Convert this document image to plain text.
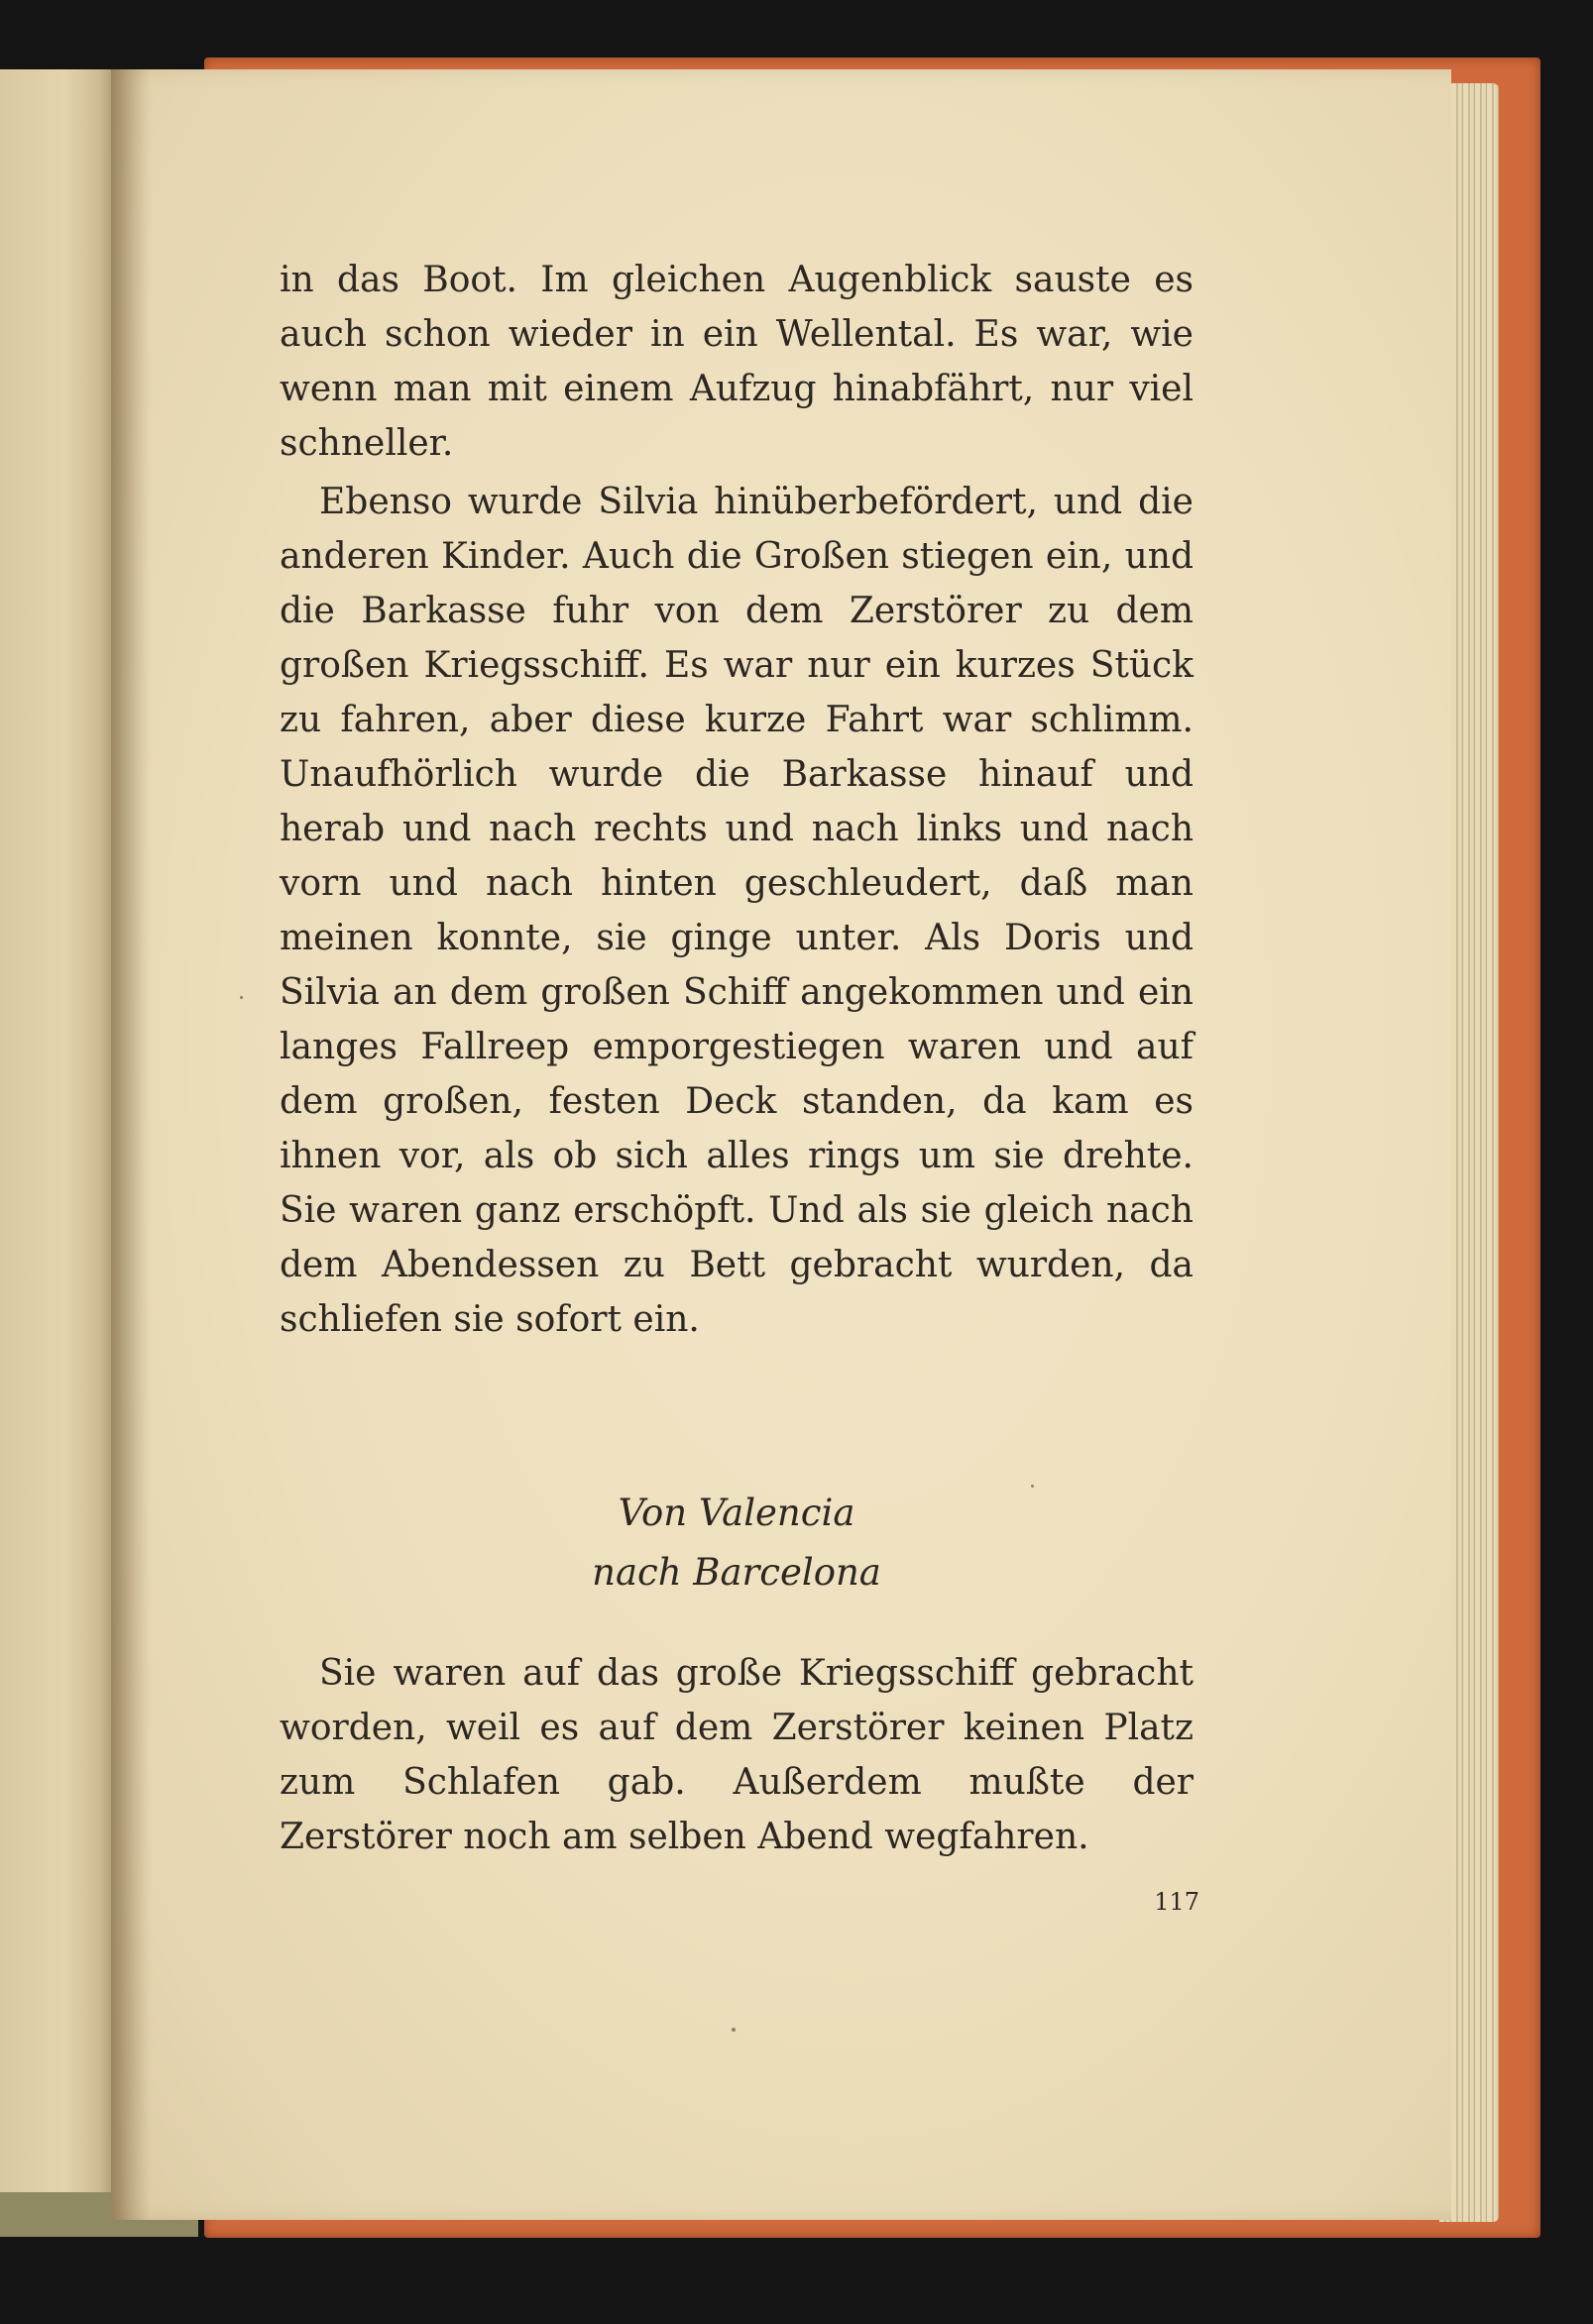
in das Boot. Im gleichen Augenblick sauste es auch schon wieder in ein Wellental. Es war, wie wenn man mit einem Aufzug hinabfährt, nur viel schneller.

Ebenso wurde Silvia hinüberbefördert, und die anderen Kinder. Auch die Großen stiegen ein, und die Barkasse fuhr von dem Zerstörer zu dem großen Kriegsschiff. Es war nur ein kurzes Stück zu fahren, aber diese kurze Fahrt war schlimm. Unaufhörlich wurde die Barkasse hinauf und herab und nach rechts und nach links und nach vorn und nach hinten geschleudert, daß man meinen konnte, sie ginge unter. Als Doris und Silvia an dem großen Schiff angekommen und ein langes Fallreep emporgestiegen waren und auf dem großen, festen Deck standen, da kam es ihnen vor, als ob sich alles rings um sie drehte. Sie waren ganz erschöpft. Und als sie gleich nach dem Abendessen zu Bett gebracht wurden, da schliefen sie sofort ein.

Von Valencia

nach Barcelona

Sie waren auf das große Kriegsschiff gebracht worden, weil es auf dem Zerstörer keinen Platz zum Schlafen gab. Außerdem mußte der Zerstörer noch am selben Abend wegfahren.

117
